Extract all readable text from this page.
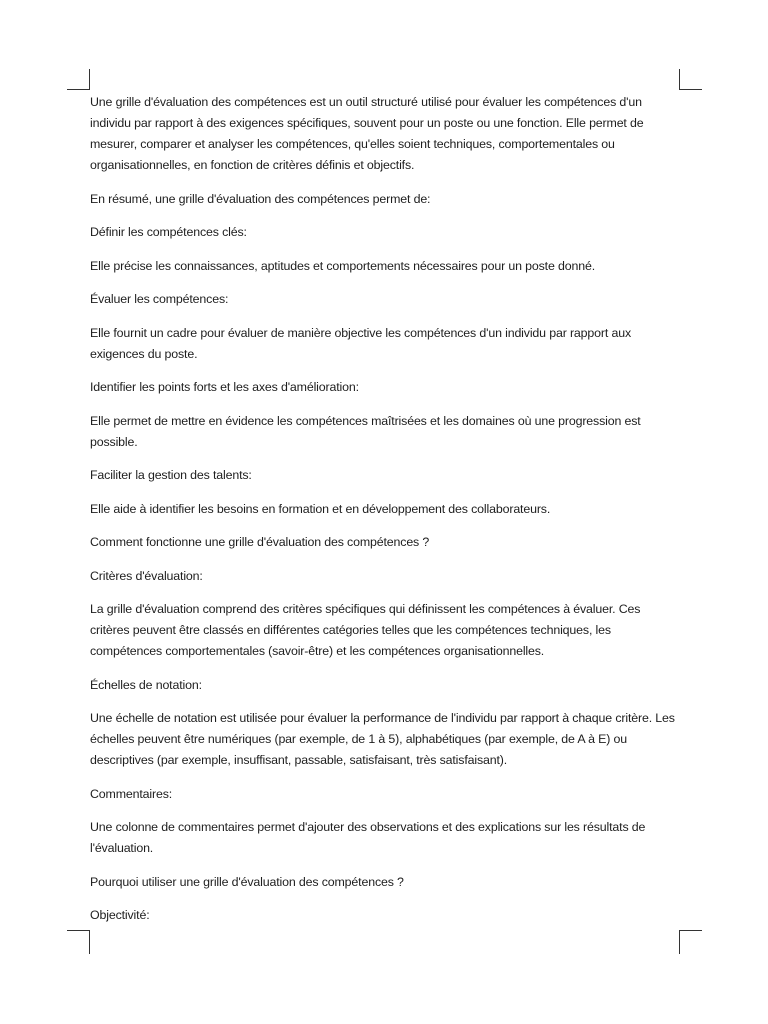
Une grille d'évaluation des compétences est un outil structuré utilisé pour évaluer les compétences d'un individu par rapport à des exigences spécifiques, souvent pour un poste ou une fonction. Elle permet de mesurer, comparer et analyser les compétences, qu'elles soient techniques, comportementales ou organisationnelles, en fonction de critères définis et objectifs.

En résumé, une grille d'évaluation des compétences permet de:

Définir les compétences clés:

Elle précise les connaissances, aptitudes et comportements nécessaires pour un poste donné.

Évaluer les compétences:

Elle fournit un cadre pour évaluer de manière objective les compétences d'un individu par rapport aux exigences du poste.

Identifier les points forts et les axes d'amélioration:

Elle permet de mettre en évidence les compétences maîtrisées et les domaines où une progression est possible.

Faciliter la gestion des talents:

Elle aide à identifier les besoins en formation et en développement des collaborateurs.

Comment fonctionne une grille d'évaluation des compétences ?

Critères d'évaluation:

La grille d'évaluation comprend des critères spécifiques qui définissent les compétences à évaluer. Ces critères peuvent être classés en différentes catégories telles que les compétences techniques, les compétences comportementales (savoir-être) et les compétences organisationnelles.

Échelles de notation:

Une échelle de notation est utilisée pour évaluer la performance de l'individu par rapport à chaque critère. Les échelles peuvent être numériques (par exemple, de 1 à 5), alphabétiques (par exemple, de A à E) ou descriptives (par exemple, insuffisant, passable, satisfaisant, très satisfaisant).

Commentaires:

Une colonne de commentaires permet d'ajouter des observations et des explications sur les résultats de l'évaluation.

Pourquoi utiliser une grille d'évaluation des compétences ?

Objectivité:
